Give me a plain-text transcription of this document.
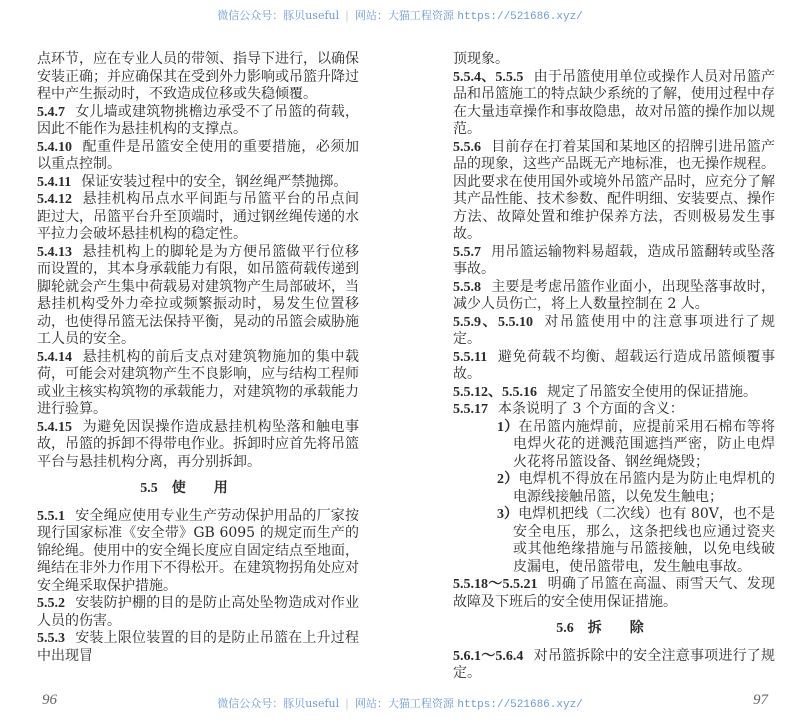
微信公众号：豚贝useful | 网站：大猫工程资源 https://521686.xyz/

点环节，应在专业人员的带领、指导下进行，以确保安装正确；并应确保其在受到外力影响或吊篮升降过程中产生振动时，不致造成位移或失稳倾覆。

5.4.7 女儿墙或建筑物挑檐边承受不了吊篮的荷载，因此不能作为悬挂机构的支撑点。

5.4.10 配重件是吊篮安全使用的重要措施，必须加以重点控制。

5.4.11 保证安装过程中的安全，钢丝绳严禁抛掷。

5.4.12 悬挂机构吊点水平间距与吊篮平台的吊点间距过大，吊篮平台升至顶端时，通过钢丝绳传递的水平拉力会破坏悬挂机构的稳定性。

5.4.13 悬挂机构上的脚轮是为方便吊篮做平行位移而设置的，其本身承载能力有限，如吊篮荷载传递到脚轮就会产生集中荷载易对建筑物产生局部破坏，当悬挂机构受外力牵拉或频繁振动时，易发生位置移动，也使得吊篮无法保持平衡，晃动的吊篮会威胁施工人员的安全。

5.4.14 悬挂机构的前后支点对建筑物施加的集中载荷，可能会对建筑物产生不良影响，应与结构工程师或业主核实构筑物的承载能力，对建筑物的承载能力进行验算。

5.4.15 为避免因误操作造成悬挂机构坠落和触电事故，吊篮的拆卸不得带电作业。拆卸时应首先将吊篮平台与悬挂机构分离，再分别拆卸。

5.5 使用

5.5.1 安全绳应使用专业生产劳动保护用品的厂家按现行国家标准《安全带》GB 6095 的规定而生产的锦纶绳。使用中的安全绳长度应自固定结点至地面，绳结在非外力作用下不得松开。在建筑物拐角处应对安全绳采取保护措施。

5.5.2 安装防护棚的目的是防止高处坠物造成对作业人员的伤害。

5.5.3 安装上限位装置的目的是防止吊篮在上升过程中出现冒

顶现象。

5.5.4、5.5.5 由于吊篮使用单位或操作人员对吊篮产品和吊篮施工的特点缺少系统的了解，使用过程中存在大量违章操作和事故隐患，故对吊篮的操作加以规范。

5.5.6 目前存在打着某国和某地区的招牌引进吊篮产品的现象，这些产品既无产地标准，也无操作规程。因此要求在使用国外或境外吊篮产品时，应充分了解其产品性能、技术参数、配件明细、安装要点、操作方法、故障处置和维护保养方法，否则极易发生事故。

5.5.7 用吊篮运输物料易超载，造成吊篮翻转或坠落事故。

5.5.8 主要是考虑吊篮作业面小，出现坠落事故时，减少人员伤亡，将上人数量控制在 2 人。

5.5.9、5.5.10 对吊篮使用中的注意事项进行了规定。

5.5.11 避免荷载不均衡、超载运行造成吊篮倾覆事故。

5.5.12、5.5.16 规定了吊篮安全使用的保证措施。

5.5.17 本条说明了 3 个方面的含义：

1）在吊篮内施焊前，应提前采用石棉布等将电焊火花的迸溅范围遮挡严密，防止电焊火花将吊篮设备、钢丝绳烧毁；

2）电焊机不得放在吊篮内是为防止电焊机的电源线接触吊篮，以免发生触电；

3）电焊机把线（二次线）也有 80V，也不是安全电压，那么，这条把线也应通过瓷夹或其他绝缘措施与吊篮接触，以免电线破皮漏电，使吊篮带电，发生触电事故。

5.5.18～5.5.21 明确了吊篮在高温、雨雪天气、发现故障及下班后的安全使用保证措施。

5.6 拆除

5.6.1～5.6.4 对吊篮拆除中的安全注意事项进行了规定。

96	微信公众号：豚贝useful | 网站：大猫工程资源 https://521686.xyz/	97
